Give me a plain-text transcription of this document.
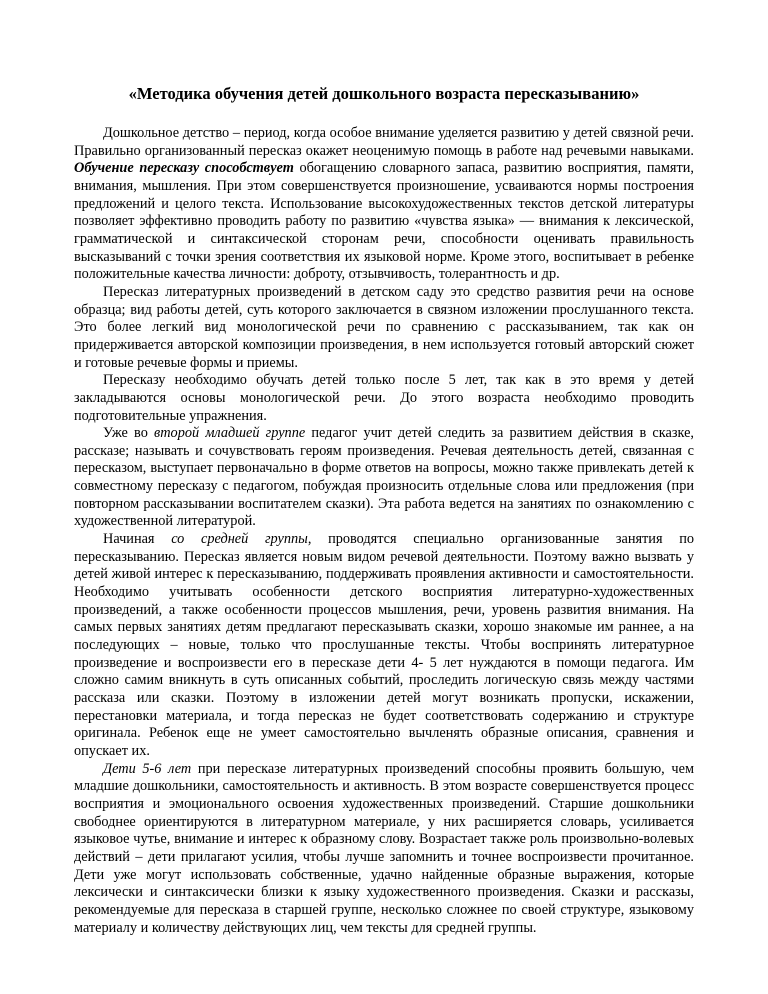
«Методика обучения детей дошкольного возраста пересказыванию»

Дошкольное детство – период, когда особое внимание уделяется развитию у детей связной речи. Правильно организованный пересказ окажет неоценимую помощь в работе над речевыми навыками. Обучение пересказу способствует обогащению словарного запаса, развитию восприятия, памяти, внимания, мышления. При этом совершенствуется произношение, усваиваются нормы построения предложений и целого текста. Использование высокохудожественных текстов детской литературы позволяет эффективно проводить работу по развитию «чувства языка» — внимания к лексической, грамматической и синтаксической сторонам речи, способности оценивать правильность высказываний с точки зрения соответствия их языковой норме. Кроме этого, воспитывает в ребенке положительные качества личности: доброту, отзывчивость, толерантность и др.

Пересказ литературных произведений в детском саду это средство развития речи на основе образца; вид работы детей, суть которого заключается в связном изложении прослушанного текста. Это более легкий вид монологической речи по сравнению с рассказыванием, так как он придерживается авторской композиции произведения, в нем используется готовый авторский сюжет и готовые речевые формы и приемы.

Пересказу необходимо обучать детей только после 5 лет, так как в это время у детей закладываются основы монологической речи. До этого возраста необходимо проводить подготовительные упражнения.

Уже во второй младшей группе педагог учит детей следить за развитием действия в сказке, рассказе; называть и сочувствовать героям произведения. Речевая деятельность детей, связанная с пересказом, выступает первоначально в форме ответов на вопросы, можно также привлекать детей к совместному пересказу с педагогом, побуждая произносить отдельные слова или предложения (при повторном рассказывании воспитателем сказки). Эта работа ведется на занятиях по ознакомлению с художественной литературой.

Начиная со средней группы, проводятся специально организованные занятия по пересказыванию. Пересказ является новым видом речевой деятельности. Поэтому важно вызвать у детей живой интерес к пересказыванию, поддерживать проявления активности и самостоятельности. Необходимо учитывать особенности детского восприятия литературно-художественных произведений, а также особенности процессов мышления, речи, уровень развития внимания. На самых первых занятиях детям предлагают пересказывать сказки, хорошо знакомые им раннее, а на последующих – новые, только что прослушанные тексты. Чтобы воспринять литературное произведение и воспроизвести его в пересказе дети 4- 5 лет нуждаются в помощи педагога. Им сложно самим вникнуть в суть описанных событий, проследить логическую связь между частями рассказа или сказки. Поэтому в изложении детей могут возникать пропуски, искажении, перестановки материала, и тогда пересказ не будет соответствовать содержанию и структуре оригинала. Ребенок еще не умеет самостоятельно вычленять образные описания, сравнения и опускает их.

Дети 5-6 лет при пересказе литературных произведений способны проявить большую, чем младшие дошкольники, самостоятельность и активность. В этом возрасте совершенствуется процесс восприятия и эмоционального освоения художественных произведений. Старшие дошкольники свободнее ориентируются в литературном материале, у них расширяется словарь, усиливается языковое чутье, внимание и интерес к образному слову. Возрастает также роль произвольно-волевых действий – дети прилагают усилия, чтобы лучше запомнить и точнее воспроизвести прочитанное. Дети уже могут использовать собственные, удачно найденные образные выражения, которые лексически и синтаксически близки к языку художественного произведения. Сказки и рассказы, рекомендуемые для пересказа в старшей группе, несколько сложнее по своей структуре, языковому материалу и количеству действующих лиц, чем тексты для средней группы.
